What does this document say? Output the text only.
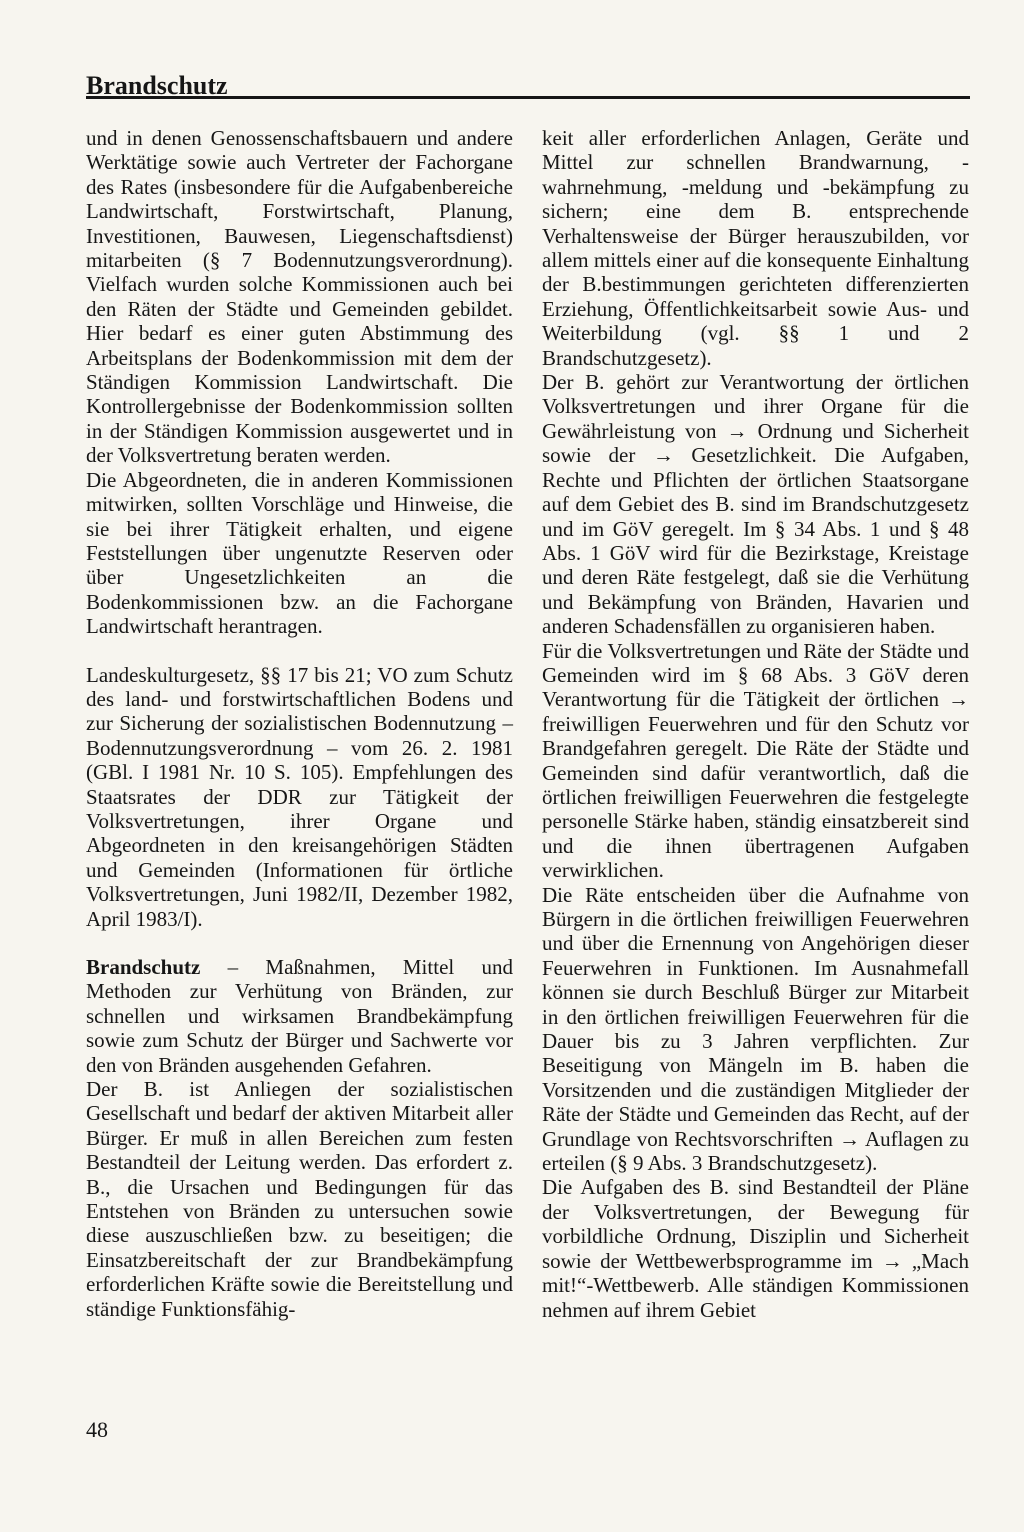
Brandschutz

und in denen Genossenschaftsbauern und andere Werktätige sowie auch Vertreter der Fachorgane des Rates (insbesondere für die Aufgabenbereiche Landwirtschaft, Forstwirtschaft, Planung, Investitionen, Bauwesen, Liegenschaftsdienst) mitarbeiten (§ 7 Bodennutzungsverordnung). Vielfach wurden solche Kommissionen auch bei den Räten der Städte und Gemeinden gebildet. Hier bedarf es einer guten Abstimmung des Arbeitsplans der Bodenkommission mit dem der Ständigen Kommission Landwirtschaft. Die Kontrollergebnisse der Bodenkommission sollten in der Ständigen Kommission ausgewertet und in der Volksvertretung beraten werden.

Die Abgeordneten, die in anderen Kommissionen mitwirken, sollten Vorschläge und Hinweise, die sie bei ihrer Tätigkeit erhalten, und eigene Feststellungen über ungenutzte Reserven oder über Ungesetzlichkeiten an die Bodenkommissionen bzw. an die Fachorgane Landwirtschaft herantragen.

Landeskulturgesetz, §§ 17 bis 21; VO zum Schutz des land- und forstwirtschaftlichen Bodens und zur Sicherung der sozialistischen Bodennutzung – Bodennutzungsverordnung – vom 26. 2. 1981 (GBl. I 1981 Nr. 10 S. 105). Empfehlungen des Staatsrates der DDR zur Tätigkeit der Volksvertretungen, ihrer Organe und Abgeordneten in den kreisangehörigen Städten und Gemeinden (Informationen für örtliche Volksvertretungen, Juni 1982/II, Dezember 1982, April 1983/I).

Brandschutz – Maßnahmen, Mittel und Methoden zur Verhütung von Bränden, zur schnellen und wirksamen Brandbekämpfung sowie zum Schutz der Bürger und Sachwerte vor den von Bränden ausgehenden Gefahren.

Der B. ist Anliegen der sozialistischen Gesellschaft und bedarf der aktiven Mitarbeit aller Bürger. Er muß in allen Bereichen zum festen Bestandteil der Leitung werden. Das erfordert z. B., die Ursachen und Bedingungen für das Entstehen von Bränden zu untersuchen sowie diese auszuschließen bzw. zu beseitigen; die Einsatzbereitschaft der zur Brandbekämpfung erforderlichen Kräfte sowie die Bereitstellung und ständige Funktionsfähig-

keit aller erforderlichen Anlagen, Geräte und Mittel zur schnellen Brandwarnung, -wahrnehmung, -meldung und -bekämpfung zu sichern; eine dem B. entsprechende Verhaltensweise der Bürger herauszubilden, vor allem mittels einer auf die konsequente Einhaltung der B.bestimmungen gerichteten differenzierten Erziehung, Öffentlichkeitsarbeit sowie Aus- und Weiterbildung (vgl. §§ 1 und 2 Brandschutzgesetz).

Der B. gehört zur Verantwortung der örtlichen Volksvertretungen und ihrer Organe für die Gewährleistung von → Ordnung und Sicherheit sowie der → Gesetzlichkeit. Die Aufgaben, Rechte und Pflichten der örtlichen Staatsorgane auf dem Gebiet des B. sind im Brandschutzgesetz und im GöV geregelt. Im § 34 Abs. 1 und § 48 Abs. 1 GöV wird für die Bezirkstage, Kreistage und deren Räte festgelegt, daß sie die Verhütung und Bekämpfung von Bränden, Havarien und anderen Schadensfällen zu organisieren haben.

Für die Volksvertretungen und Räte der Städte und Gemeinden wird im § 68 Abs. 3 GöV deren Verantwortung für die Tätigkeit der örtlichen → freiwilligen Feuerwehren und für den Schutz vor Brandgefahren geregelt. Die Räte der Städte und Gemeinden sind dafür verantwortlich, daß die örtlichen freiwilligen Feuerwehren die festgelegte personelle Stärke haben, ständig einsatzbereit sind und die ihnen übertragenen Aufgaben verwirklichen.

Die Räte entscheiden über die Aufnahme von Bürgern in die örtlichen freiwilligen Feuerwehren und über die Ernennung von Angehörigen dieser Feuerwehren in Funktionen. Im Ausnahmefall können sie durch Beschluß Bürger zur Mitarbeit in den örtlichen freiwilligen Feuerwehren für die Dauer bis zu 3 Jahren verpflichten. Zur Beseitigung von Mängeln im B. haben die Vorsitzenden und die zuständigen Mitglieder der Räte der Städte und Gemeinden das Recht, auf der Grundlage von Rechtsvorschriften → Auflagen zu erteilen (§ 9 Abs. 3 Brandschutzgesetz).

Die Aufgaben des B. sind Bestandteil der Pläne der Volksvertretungen, der Bewegung für vorbildliche Ordnung, Disziplin und Sicherheit sowie der Wettbewerbsprogramme im → „Mach mit!“-Wettbewerb. Alle ständigen Kommissionen nehmen auf ihrem Gebiet

48
